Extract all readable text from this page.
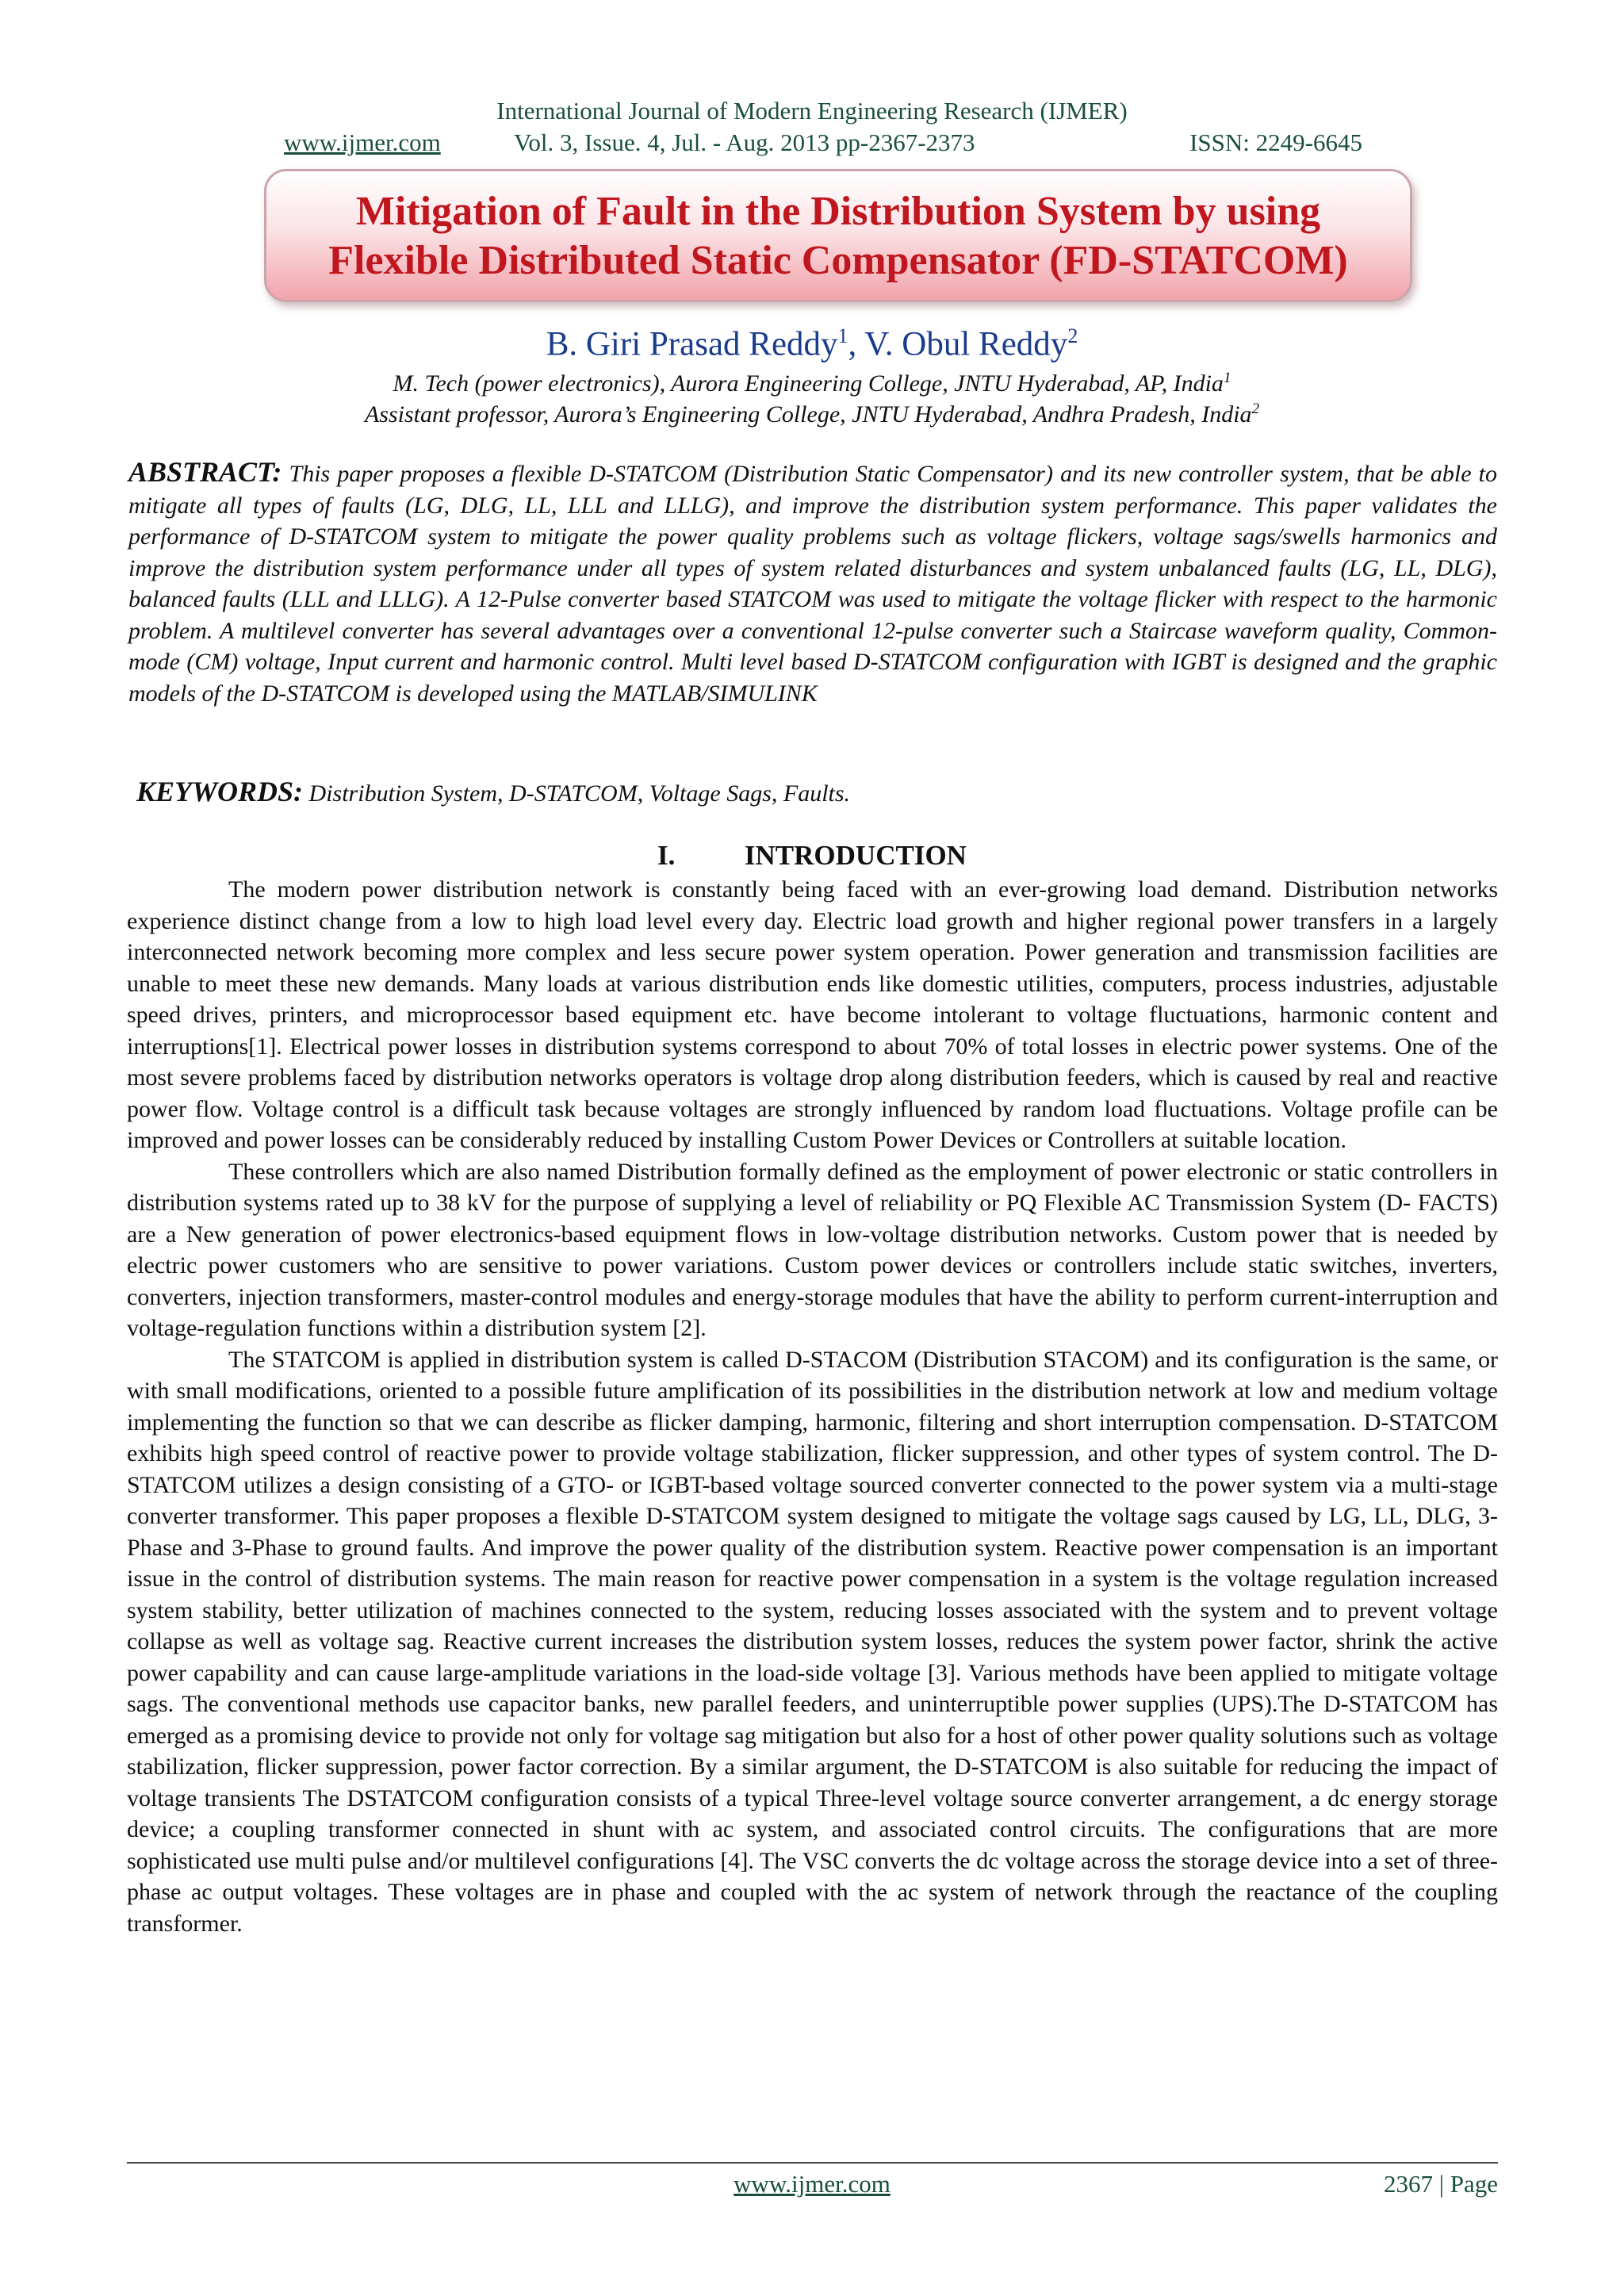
International Journal of Modern Engineering Research (IJMER)
www.ijmer.com	Vol. 3, Issue. 4, Jul. - Aug. 2013 pp-2367-2373	ISSN: 2249-6645
Mitigation of Fault in the Distribution System by using
Flexible Distributed Static Compensator (FD-STATCOM)
B. Giri Prasad Reddy$^1$, V. Obul Reddy$^2$
M. Tech (power electronics), Aurora Engineering College, JNTU Hyderabad, AP, India$^1$
Assistant professor, Aurora’s Engineering College, JNTU Hyderabad, Andhra Pradesh, India$^2$
ABSTRACT: This paper proposes a flexible D-STATCOM (Distribution Static Compensator) and its new controller system, that be able to mitigate all types of faults (LG, DLG, LL, LLL and LLLG), and improve the distribution system performance. This paper validates the performance of D-STATCOM system to mitigate the power quality problems such as voltage flickers, voltage sags/swells harmonics and improve the distribution system performance under all types of system related disturbances and system unbalanced faults (LG, LL, DLG), balanced faults (LLL and LLLG). A 12-Pulse converter based STATCOM was used to mitigate the voltage flicker with respect to the harmonic problem. A multilevel converter has several advantages over a conventional 12-pulse converter such a Staircase waveform quality, Common-mode (CM) voltage, Input current and harmonic control. Multi level based D-STATCOM configuration with IGBT is designed and the graphic models of the D-STATCOM is developed using the MATLAB/SIMULINK
KEYWORDS: Distribution System, D-STATCOM, Voltage Sags, Faults.
I.	INTRODUCTION

The modern power distribution network is constantly being faced with an ever-growing load demand. Distribution networks experience distinct change from a low to high load level every day. Electric load growth and higher regional power transfers in a largely interconnected network becoming more complex and less secure power system operation. Power generation and transmission facilities are unable to meet these new demands. Many loads at various distribution ends like domestic utilities, computers, process industries, adjustable speed drives, printers, and microprocessor based equipment etc. have become intolerant to voltage fluctuations, harmonic content and interruptions[1]. Electrical power losses in distribution systems correspond to about 70% of total losses in electric power systems. One of the most severe problems faced by distribution networks operators is voltage drop along distribution feeders, which is caused by real and reactive power flow. Voltage control is a difficult task because voltages are strongly influenced by random load fluctuations. Voltage profile can be improved and power losses can be considerably reduced by installing Custom Power Devices or Controllers at suitable location.

These controllers which are also named Distribution formally defined as the employment of power electronic or static controllers in distribution systems rated up to 38 kV for the purpose of supplying a level of reliability or PQ Flexible AC Transmission System (D- FACTS) are a New generation of power electronics-based equipment flows in low-voltage distribution networks. Custom power that is needed by electric power customers who are sensitive to power variations. Custom power devices or controllers include static switches, inverters, converters, injection transformers, master-control modules and energy-storage modules that have the ability to perform current-interruption and voltage-regulation functions within a distribution system [2].

The STATCOM is applied in distribution system is called D-STACOM (Distribution STACOM) and its configuration is the same, or with small modifications, oriented to a possible future amplification of its possibilities in the distribution network at low and medium voltage implementing the function so that we can describe as flicker damping, harmonic, filtering and short interruption compensation. D-STATCOM exhibits high speed control of reactive power to provide voltage stabilization, flicker suppression, and other types of system control. The D-STATCOM utilizes a design consisting of a GTO- or IGBT-based voltage sourced converter connected to the power system via a multi-stage converter transformer. This paper proposes a flexible D-STATCOM system designed to mitigate the voltage sags caused by LG, LL, DLG, 3-Phase and 3-Phase to ground faults. And improve the power quality of the distribution system. Reactive power compensation is an important issue in the control of distribution systems. The main reason for reactive power compensation in a system is the voltage regulation increased system stability, better utilization of machines connected to the system, reducing losses associated with the system and to prevent voltage collapse as well as voltage sag. Reactive current increases the distribution system losses, reduces the system power factor, shrink the active power capability and can cause large-amplitude variations in the load-side voltage [3]. Various methods have been applied to mitigate voltage sags. The conventional methods use capacitor banks, new parallel feeders, and uninterruptible power supplies (UPS).The D-STATCOM has emerged as a promising device to provide not only for voltage sag mitigation but also for a host of other power quality solutions such as voltage stabilization, flicker suppression, power factor correction. By a similar argument, the D-STATCOM is also suitable for reducing the impact of voltage transients The DSTATCOM configuration consists of a typical Three-level voltage source converter arrangement, a dc energy storage device; a coupling transformer connected in shunt with ac system, and associated control circuits. The configurations that are more sophisticated use multi pulse and/or multilevel configurations [4]. The VSC converts the dc voltage across the storage device into a set of three-phase ac output voltages. These voltages are in phase and coupled with the ac system of network through the reactance of the coupling transformer.

www.ijmer.com	2367 | Page
